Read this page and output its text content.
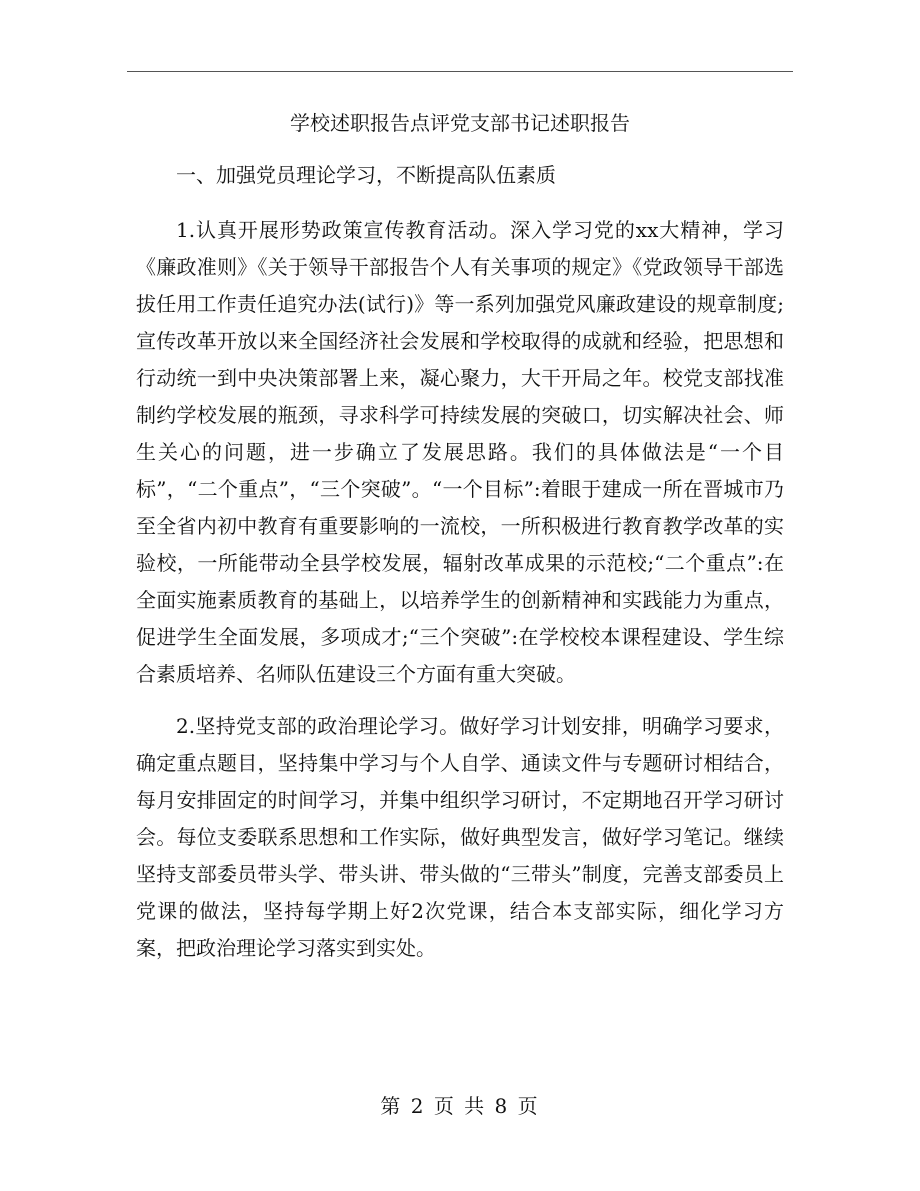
学校述职报告点评党支部书记述职报告

一、加强党员理论学习，不断提高队伍素质

1.认真开展形势政策宣传教育活动。深入学习党的xx大精神，学习《廉政准则》《关于领导干部报告个人有关事项的规定》《党政领导干部选拔任用工作责任追究办法(试行)》等一系列加强党风廉政建设的规章制度;宣传改革开放以来全国经济社会发展和学校取得的成就和经验，把思想和行动统一到中央决策部署上来，凝心聚力，大干开局之年。校党支部找准制约学校发展的瓶颈，寻求科学可持续发展的突破口，切实解决社会、师生关心的问题，进一步确立了发展思路。我们的具体做法是“一个目标”，“二个重点”，“三个突破”。“一个目标”:着眼于建成一所在晋城市乃至全省内初中教育有重要影响的一流校，一所积极进行教育教学改革的实验校，一所能带动全县学校发展，辐射改革成果的示范校;“二个重点”:在全面实施素质教育的基础上，以培养学生的创新精神和实践能力为重点，促进学生全面发展，多项成才;“三个突破”:在学校校本课程建设、学生综合素质培养、名师队伍建设三个方面有重大突破。

2.坚持党支部的政治理论学习。做好学习计划安排，明确学习要求，确定重点题目，坚持集中学习与个人自学、通读文件与专题研讨相结合，每月安排固定的时间学习，并集中组织学习研讨，不定期地召开学习研讨会。每位支委联系思想和工作实际，做好典型发言，做好学习笔记。继续坚持支部委员带头学、带头讲、带头做的“三带头”制度，完善支部委员上党课的做法，坚持每学期上好2次党课，结合本支部实际，细化学习方案，把政治理论学习落实到实处。

第 2 页 共 8 页
